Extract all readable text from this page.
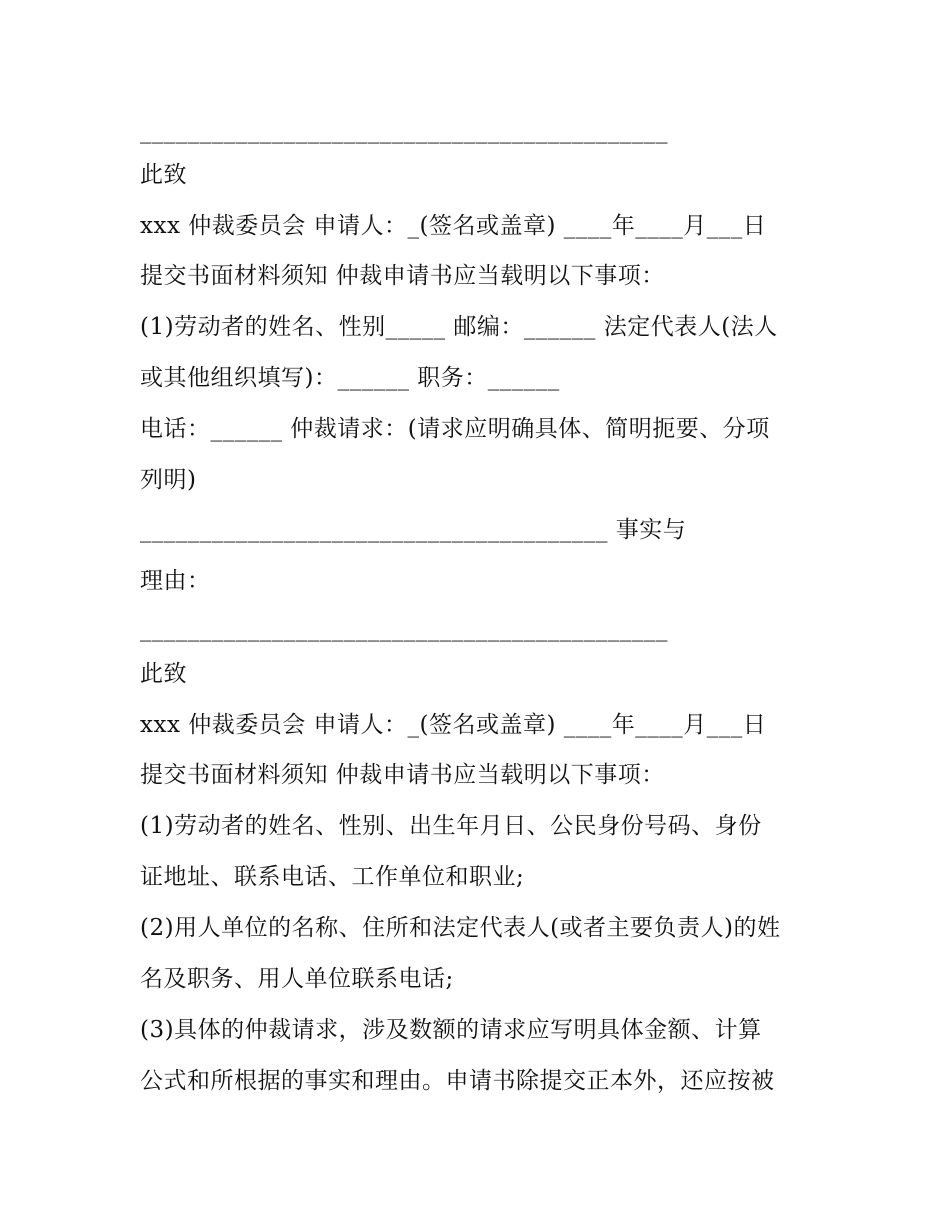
____________________________________________
此致
xxx 仲裁委员会 申请人：_(签名或盖章) ____年____月___日
提交书面材料须知 仲裁申请书应当载明以下事项：
(1)劳动者的姓名、性别_____ 邮编：______ 法定代表人(法人
或其他组织填写)：______ 职务：______
电话：______ 仲裁请求：(请求应明确具体、简明扼要、分项
列明)
_______________________________________ 事实与
理由：
____________________________________________
此致
xxx 仲裁委员会 申请人：_(签名或盖章) ____年____月___日
提交书面材料须知 仲裁申请书应当载明以下事项：
(1)劳动者的姓名、性别、出生年月日、公民身份号码、身份
证地址、联系电话、工作单位和职业;
(2)用人单位的名称、住所和法定代表人(或者主要负责人)的姓
名及职务、用人单位联系电话;
(3)具体的仲裁请求，涉及数额的请求应写明具体金额、计算
公式和所根据的事实和理由。申请书除提交正本外，还应按被
